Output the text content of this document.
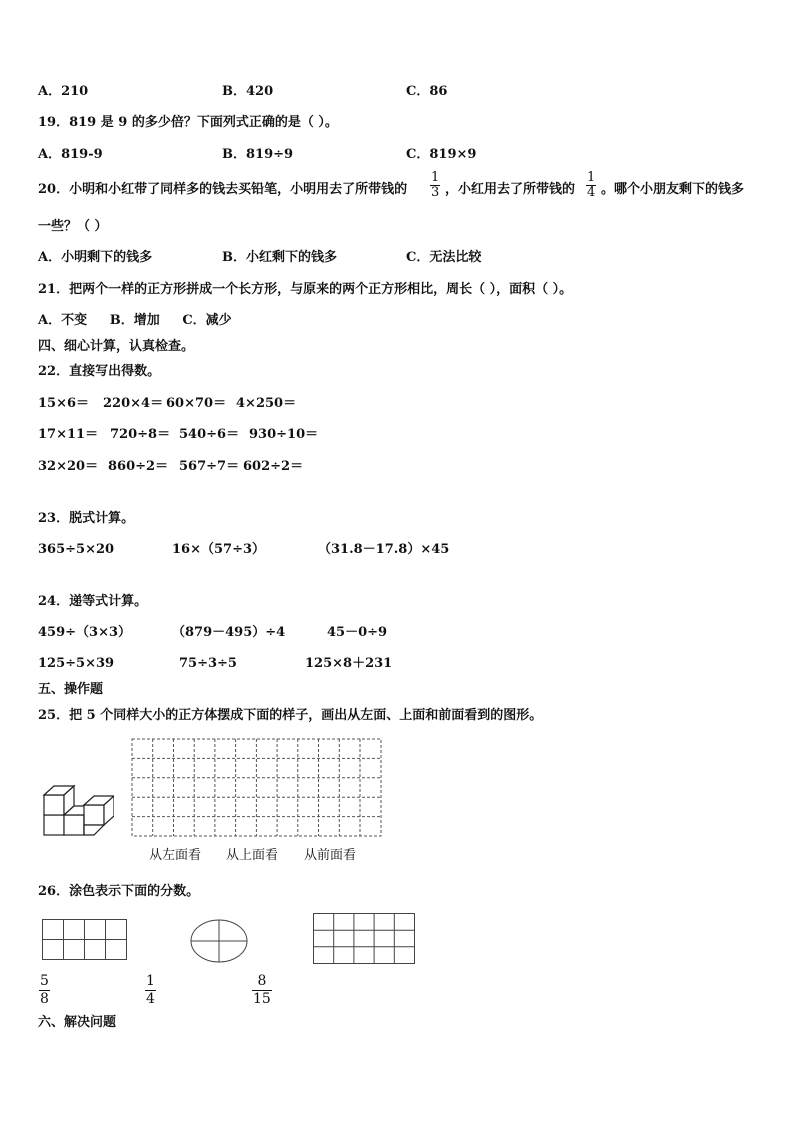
A．210	B．420	C．86
19．819 是 9 的多少倍？下面列式正确的是（ ）。
A．819-9	B．819÷9	C．819×9
20．小明和小红带了同样多的钱去买铅笔，小明用去了所带钱的 $\frac{1}{3}$ ，小红用去了所带钱的 $\frac{1}{4}$ 。哪个小朋友剩下的钱多
一些？（ ）
A．小明剩下的钱多	B．小红剩下的钱多	C．无法比较
21．把两个一样的正方形拼成一个长方形，与原来的两个正方形相比，周长（ ），面积（ ）。
A．不变     B．增加     C．减少
四、细心计算，认真检查。
22．直接写出得数。
15×6＝ 220×4＝ 60×70＝ 4×250＝
17×11＝ 720÷8＝ 540÷6＝ 930÷10＝
32×20＝ 860÷2＝ 567÷7＝ 602÷2＝
23．脱式计算。
365÷5×20	16×（57÷3）	（31.8－17.8）×45
24．递等式计算。
459÷（3×3）	（879－495）÷4	45－0÷9
125÷5×39	75÷3÷5	125×8＋231
五、操作题
25．把 5 个同样大小的正方体摆成下面的样子，画出从左面、上面和前面看到的图形。
从左面看 从上面看 从前面看
26．涂色表示下面的分数。
$\frac{5}{8}$	$\frac{1}{4}$	$\frac{8}{15}$
六、解决问题
